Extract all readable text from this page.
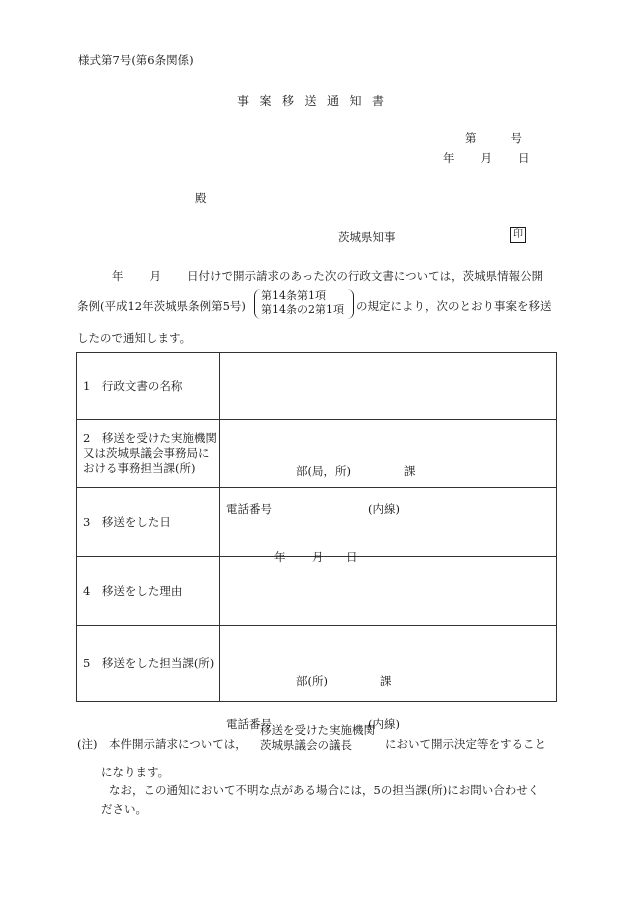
様式第7号(第6条関係)
事案移送通知書
第	号
年 月 日
殿
茨城県知事	印
年 月 日付けで開示請求のあった次の行政文書については，茨城県情報公開
条例(平成12年茨城県条例第5号)
第14条第1項
第14条の2第1項	の規定により，次のとおり事案を移送
したので通知します。
1　行政文書の名称	
2　移送を受けた実施機関又は茨城県議会事務局における事務担当課(所)	部(局，所) 課
電話番号 (内線)

3　移送をした日	年 月 日

4　移送をした理由	
5　移送をした担当課(所)	部(所) 課
電話番号 (内線)
(注)　本件開示請求については，
移送を受けた実施機関
茨城県議会の議長	において開示決定等をすること
になります。
なお，この通知において不明な点がある場合には，5の担当課(所)にお問い合わせく
ださい。
